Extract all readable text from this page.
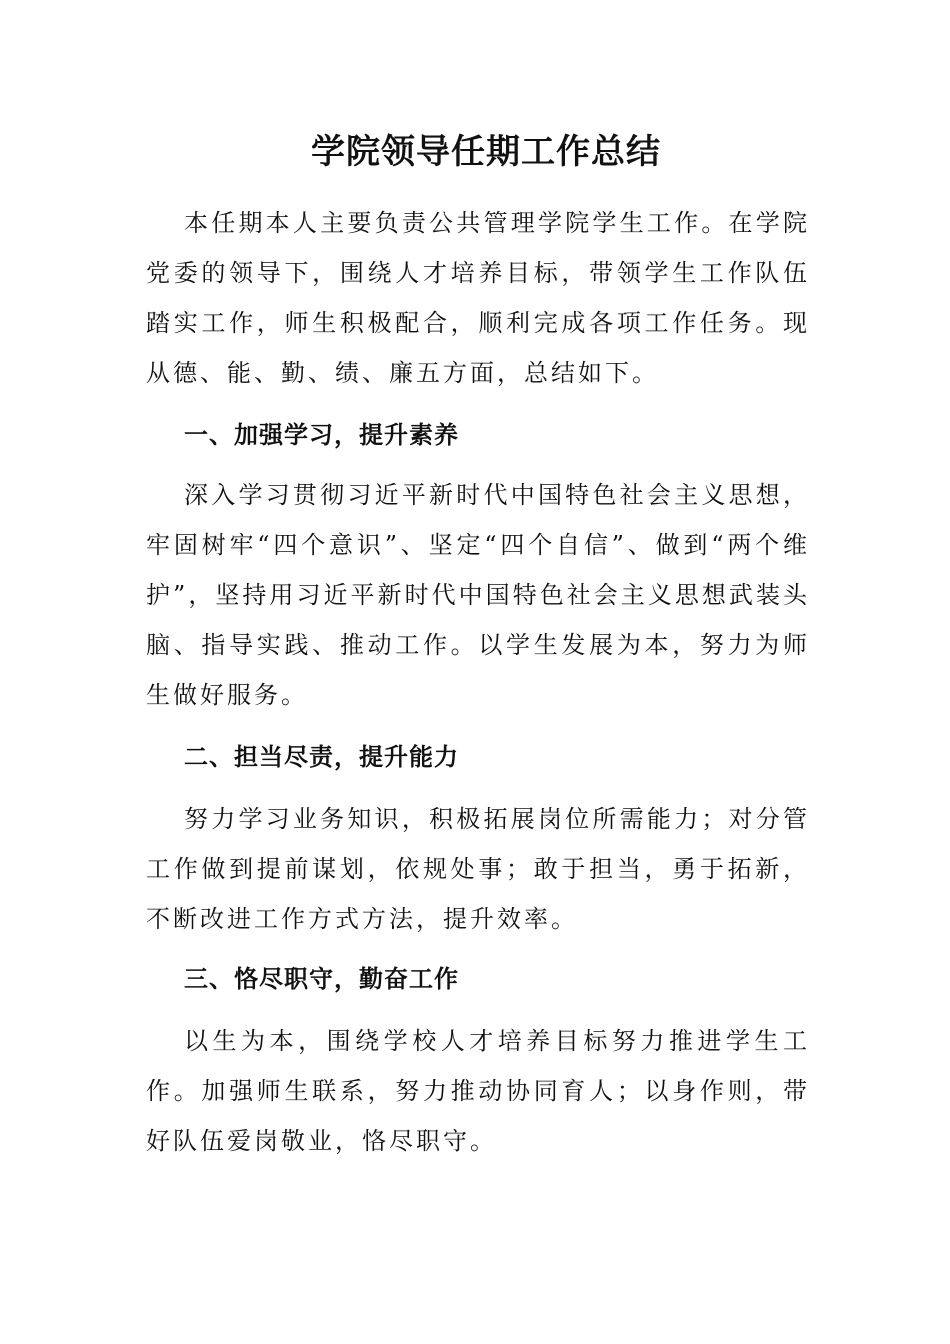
学院领导任期工作总结

本任期本人主要负责公共管理学院学生工作。在学院党委的领导下，围绕人才培养目标，带领学生工作队伍踏实工作，师生积极配合，顺利完成各项工作任务。现从德、能、勤、绩、廉五方面，总结如下。

一、加强学习，提升素养

深入学习贯彻习近平新时代中国特色社会主义思想，牢固树牢“四个意识”、坚定“四个自信”、做到“两个维护”，坚持用习近平新时代中国特色社会主义思想武装头脑、指导实践、推动工作。以学生发展为本，努力为师生做好服务。

二、担当尽责，提升能力

努力学习业务知识，积极拓展岗位所需能力；对分管工作做到提前谋划，依规处事；敢于担当，勇于拓新，不断改进工作方式方法，提升效率。

三、恪尽职守，勤奋工作

以生为本，围绕学校人才培养目标努力推进学生工作。加强师生联系，努力推动协同育人；以身作则，带好队伍爱岗敬业，恪尽职守。
